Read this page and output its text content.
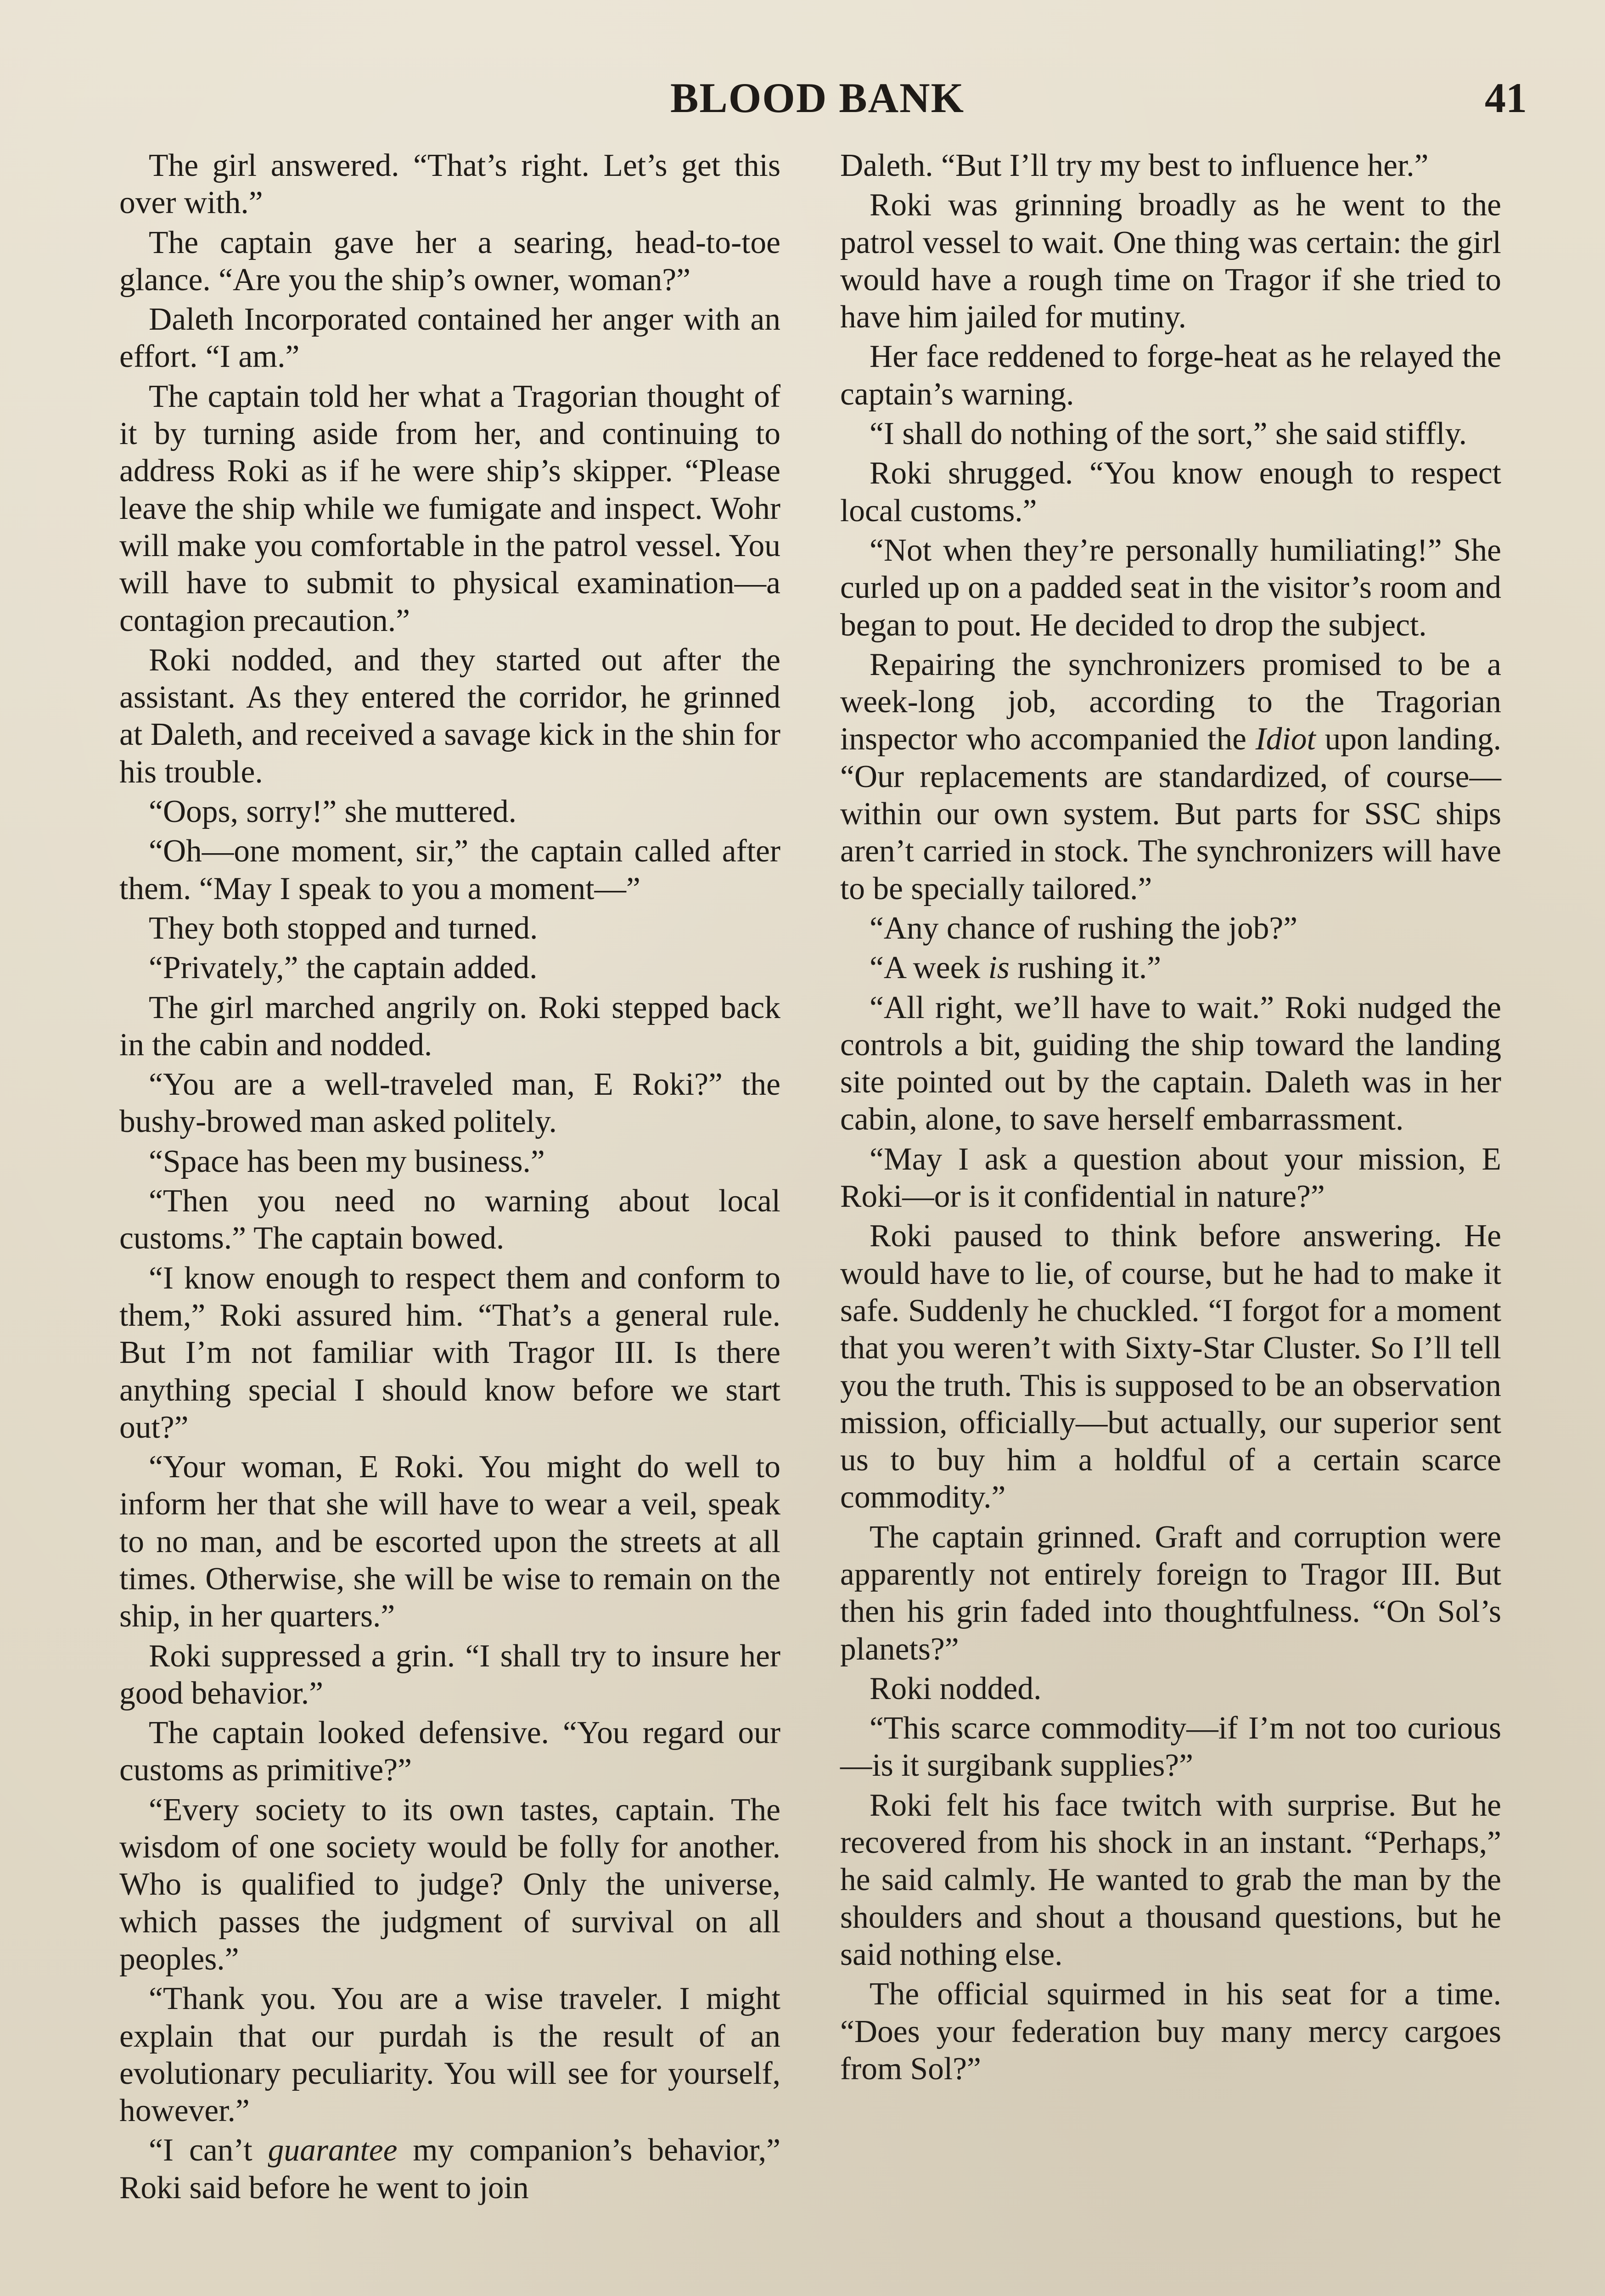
BLOOD BANK	41

The girl answered. “That’s right. Let’s get this over with.”

The captain gave her a searing, head-to-toe glance. “Are you the ship’s owner, woman?”

Daleth Incorporated contained her anger with an effort. “I am.”

The captain told her what a Tragorian thought of it by turning aside from her, and continuing to address Roki as if he were ship’s skipper. “Please leave the ship while we fumigate and inspect. Wohr will make you comfortable in the patrol vessel. You will have to submit to physical examination—a contagion precaution.”

Roki nodded, and they started out after the assistant. As they entered the corridor, he grinned at Daleth, and received a savage kick in the shin for his trouble.

“Oops, sorry!” she muttered.

“Oh—one moment, sir,” the captain called after them. “May I speak to you a moment—”

They both stopped and turned.

“Privately,” the captain added.

The girl marched angrily on. Roki stepped back in the cabin and nodded.

“You are a well-traveled man, E Roki?” the bushy-browed man asked politely.

“Space has been my business.”

“Then you need no warning about local customs.” The captain bowed.

“I know enough to respect them and conform to them,” Roki assured him. “That’s a general rule. But I’m not familiar with Tragor III. Is there anything special I should know before we start out?”

“Your woman, E Roki. You might do well to inform her that she will have to wear a veil, speak to no man, and be escorted upon the streets at all times. Otherwise, she will be wise to remain on the ship, in her quarters.”

Roki suppressed a grin. “I shall try to insure her good behavior.”

The captain looked defensive. “You regard our customs as primitive?”

“Every society to its own tastes, captain. The wisdom of one society would be folly for another. Who is qualified to judge? Only the universe, which passes the judgment of survival on all peoples.”

“Thank you. You are a wise traveler. I might explain that our purdah is the result of an evolutionary peculiarity. You will see for yourself, however.”

“I can’t guarantee my companion’s behavior,” Roki said before he went to join

Daleth. “But I’ll try my best to influence her.”

Roki was grinning broadly as he went to the patrol vessel to wait. One thing was certain: the girl would have a rough time on Tragor if she tried to have him jailed for mutiny.

Her face reddened to forge-heat as he relayed the captain’s warning.

“I shall do nothing of the sort,” she said stiffly.

Roki shrugged. “You know enough to respect local customs.”

“Not when they’re personally humiliating!” She curled up on a padded seat in the visitor’s room and began to pout. He decided to drop the subject.

Repairing the synchronizers promised to be a week-long job, according to the Tragorian inspector who accompanied the Idiot upon landing. “Our replacements are standardized, of course—within our own system. But parts for SSC ships aren’t carried in stock. The synchronizers will have to be specially tailored.”

“Any chance of rushing the job?”

“A week is rushing it.”

“All right, we’ll have to wait.” Roki nudged the controls a bit, guiding the ship toward the landing site pointed out by the captain. Daleth was in her cabin, alone, to save herself embarrassment.

“May I ask a question about your mission, E Roki—or is it confidential in nature?”

Roki paused to think before answering. He would have to lie, of course, but he had to make it safe. Suddenly he chuckled. “I forgot for a moment that you weren’t with Sixty-Star Cluster. So I’ll tell you the truth. This is supposed to be an observation mission, officially—but actually, our superior sent us to buy him a holdful of a certain scarce commodity.”

The captain grinned. Graft and corruption were apparently not entirely foreign to Tragor III. But then his grin faded into thoughtfulness. “On Sol’s planets?”

Roki nodded.

“This scarce commodity—if I’m not too curious—is it surgibank supplies?”

Roki felt his face twitch with surprise. But he recovered from his shock in an instant. “Perhaps,” he said calmly. He wanted to grab the man by the shoulders and shout a thousand questions, but he said nothing else.

The official squirmed in his seat for a time. “Does your federation buy many mercy cargoes from Sol?”
